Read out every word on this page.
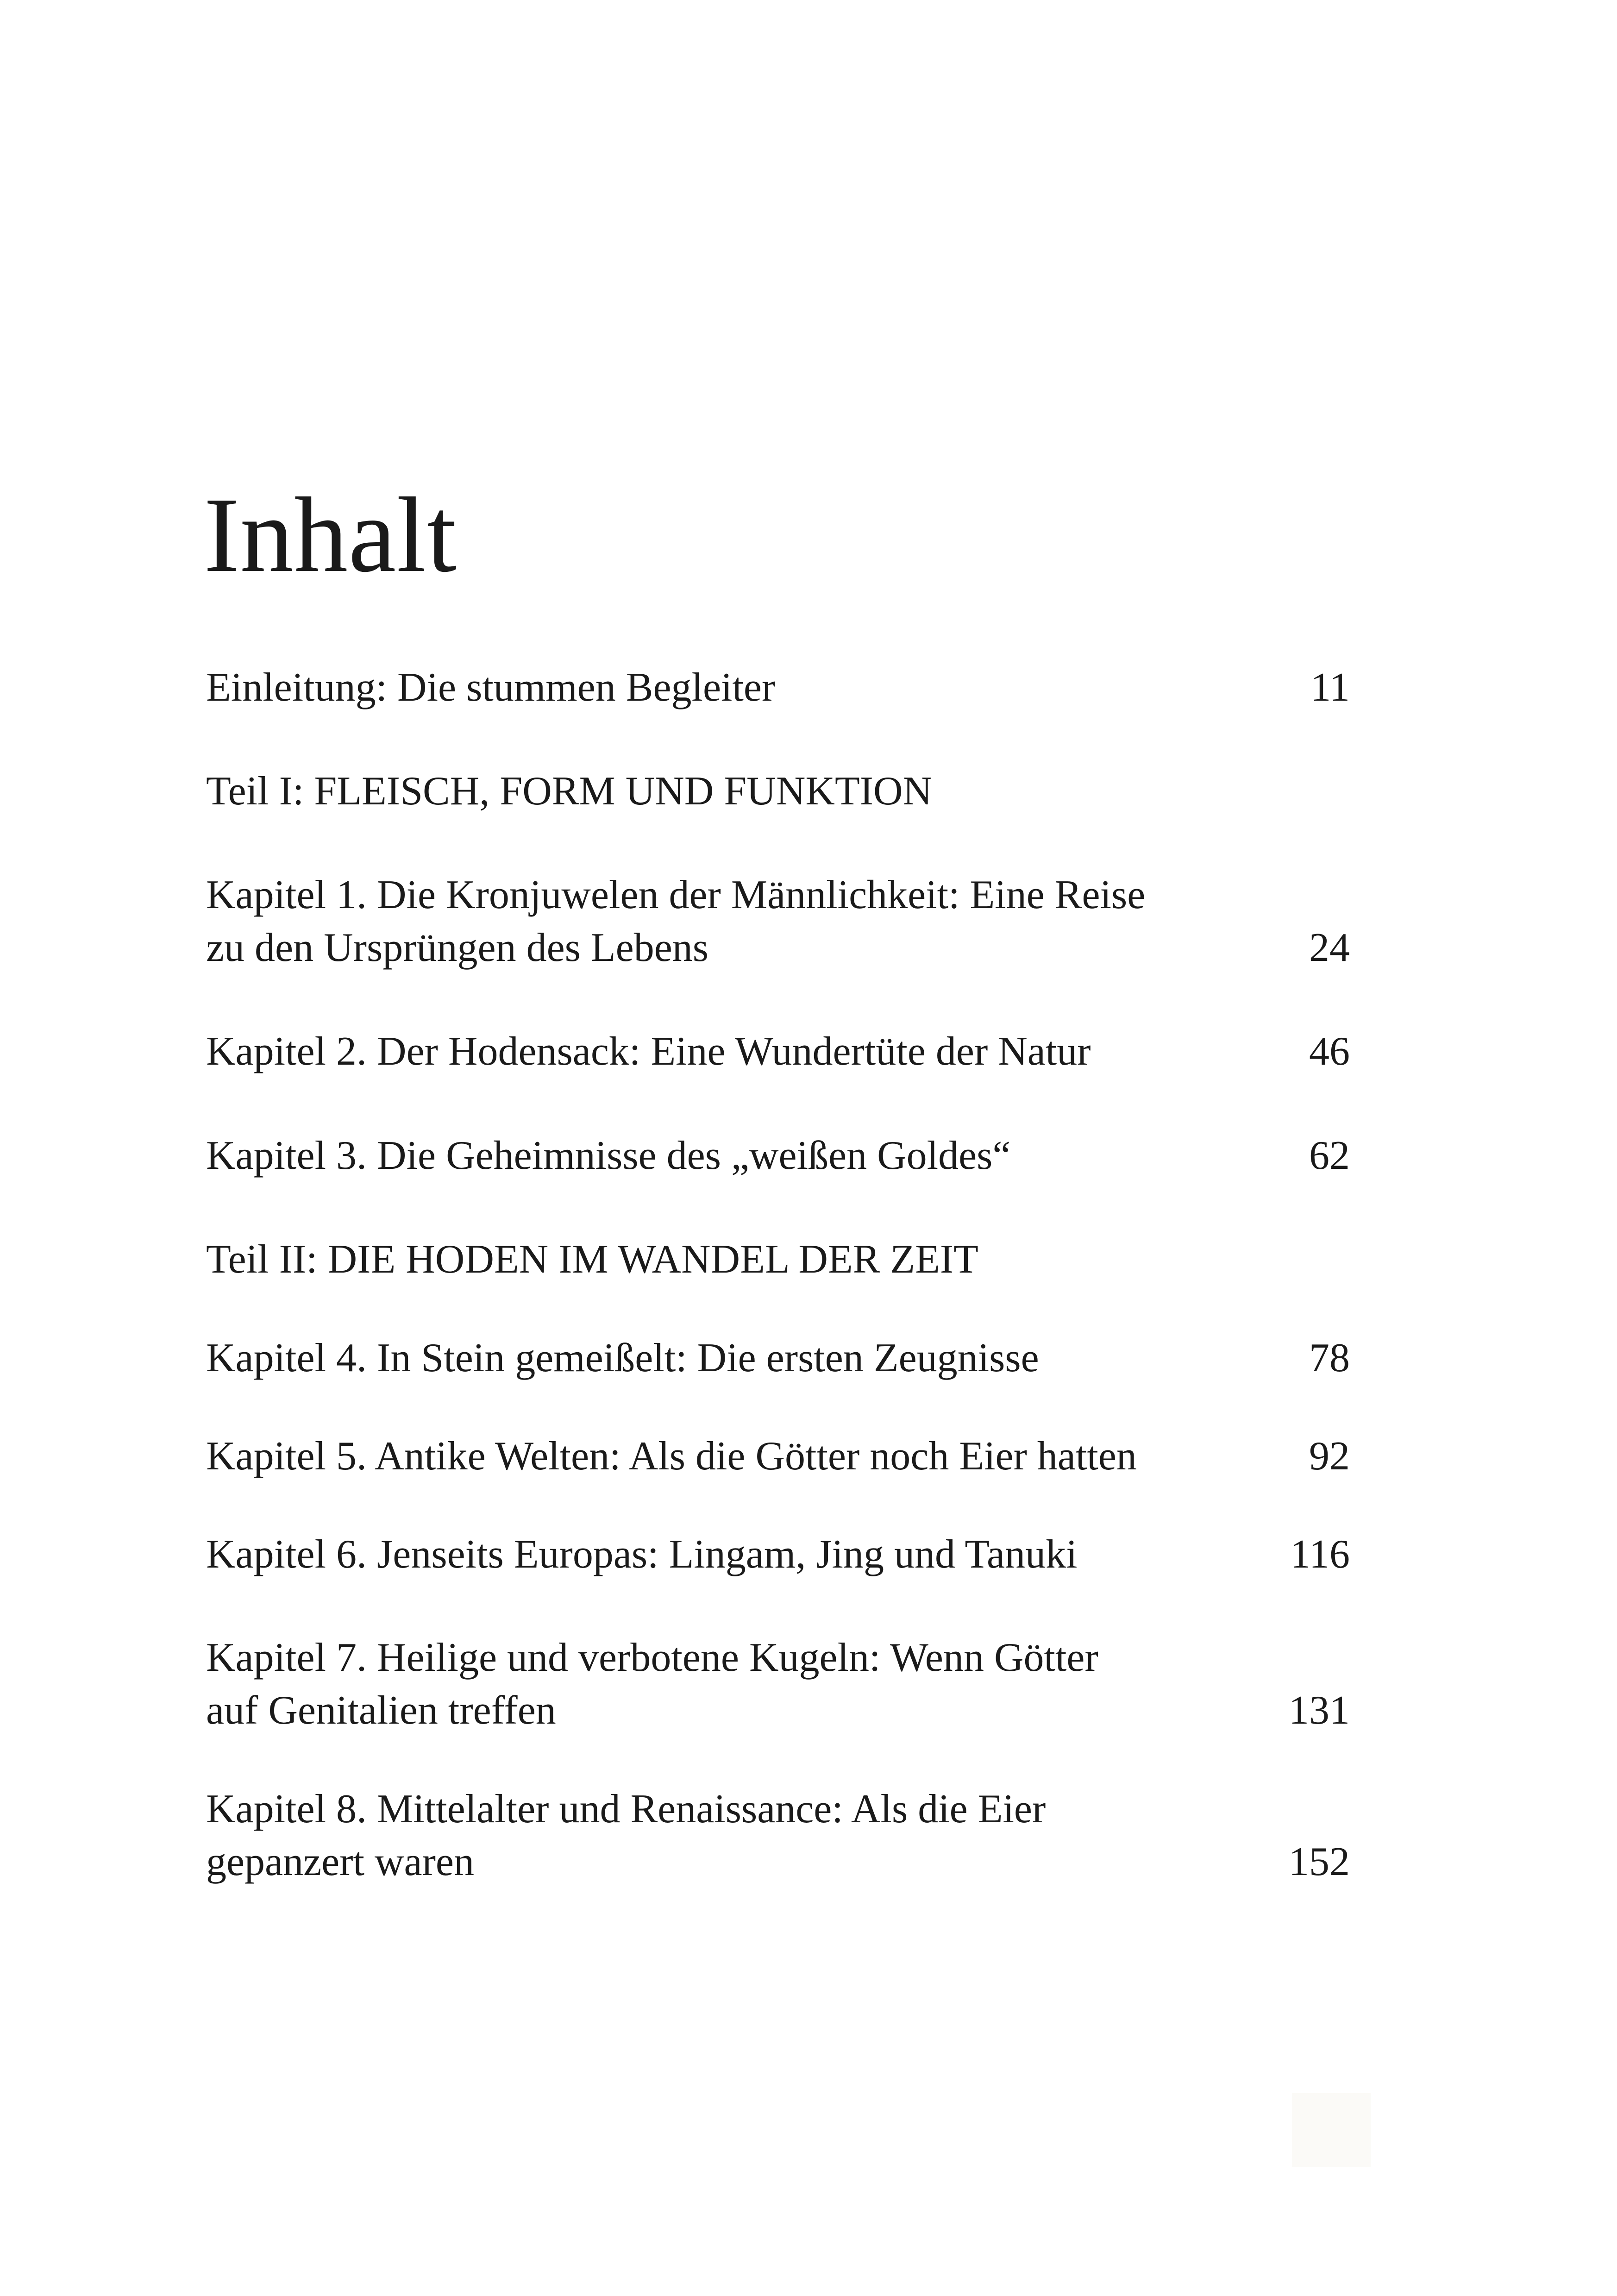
Inhalt
Einleitung: Die stummen Begleiter	11
Teil I: FLEISCH, FORM UND FUNKTION
Kapitel 1. Die Kronjuwelen der Männlichkeit: Eine Reise
zu den Ursprüngen des Lebens	24
Kapitel 2. Der Hodensack: Eine Wundertüte der Natur	46
Kapitel 3. Die Geheimnisse des „weißen Goldes“	62
Teil II: DIE HODEN IM WANDEL DER ZEIT
Kapitel 4. In Stein gemeißelt: Die ersten Zeugnisse	78
Kapitel 5. Antike Welten: Als die Götter noch Eier hatten	92
Kapitel 6. Jenseits Europas: Lingam, Jing und Tanuki	116
Kapitel 7. Heilige und verbotene Kugeln: Wenn Götter
auf Genitalien treffen	131
Kapitel 8. Mittelalter und Renaissance: Als die Eier
gepanzert waren	152
